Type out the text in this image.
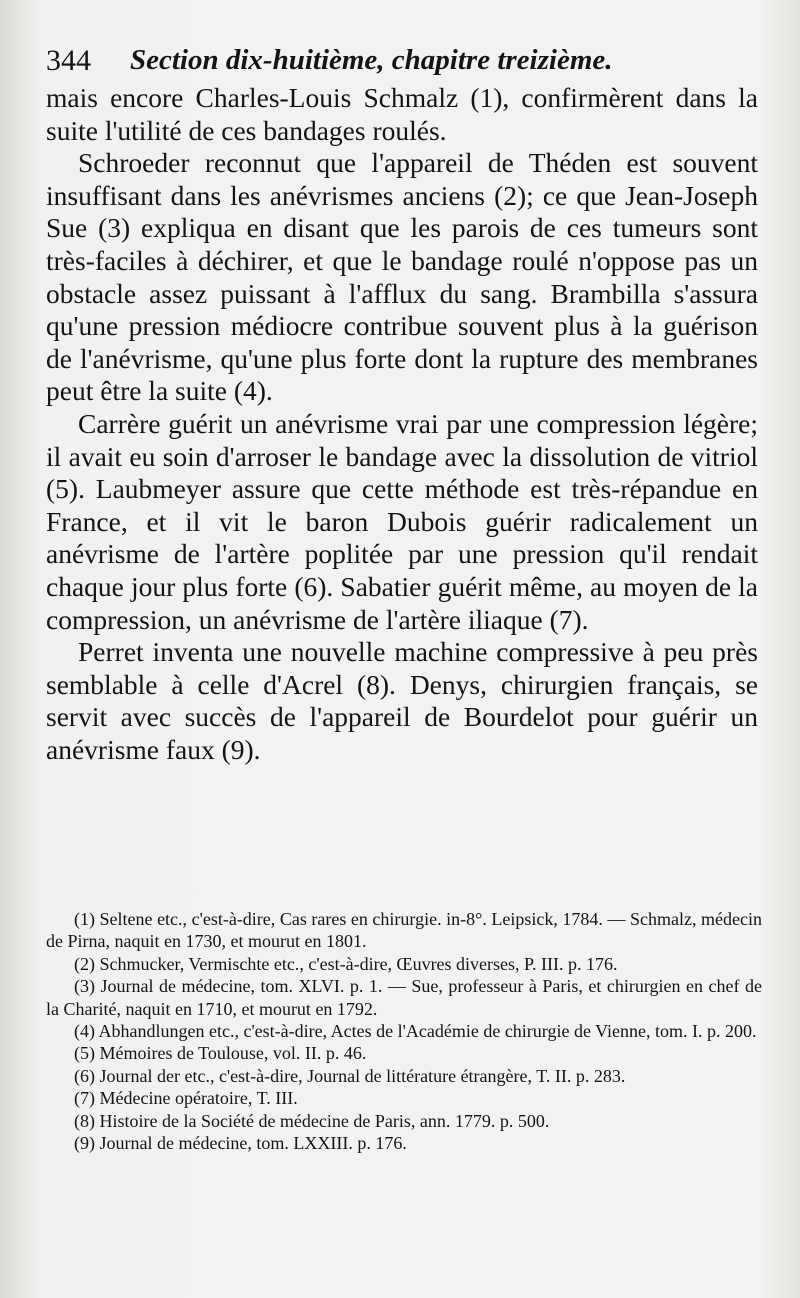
344 Section dix-huitième, chapitre treizième.

mais encore Charles-Louis Schmalz (1), confirmèrent dans la suite l'utilité de ces bandages roulés.

Schroeder reconnut que l'appareil de Théden est souvent insuffisant dans les anévrismes anciens (2); ce que Jean-Joseph Sue (3) expliqua en disant que les parois de ces tumeurs sont très-faciles à déchirer, et que le bandage roulé n'oppose pas un obstacle assez puissant à l'afflux du sang. Brambilla s'assura qu'une pression médiocre contribue souvent plus à la guérison de l'anévrisme, qu'une plus forte dont la rupture des membranes peut être la suite (4).

Carrère guérit un anévrisme vrai par une compression légère; il avait eu soin d'arroser le bandage avec la dissolution de vitriol (5). Laubmeyer assure que cette méthode est très-répandue en France, et il vit le baron Dubois guérir radicalement un anévrisme de l'artère poplitée par une pression qu'il rendait chaque jour plus forte (6). Sabatier guérit même, au moyen de la compression, un anévrisme de l'artère iliaque (7).

Perret inventa une nouvelle machine compressive à peu près semblable à celle d'Acrel (8). Denys, chirurgien français, se servit avec succès de l'appareil de Bourdelot pour guérir un anévrisme faux (9).

(1) Seltene etc., c'est-à-dire, Cas rares en chirurgie. in-8°. Leipsick, 1784. — Schmalz, médecin de Pirna, naquit en 1730, et mourut en 1801.

(2) Schmucker, Vermischte etc., c'est-à-dire, Œuvres diverses, P. III. p. 176.

(3) Journal de médecine, tom. XLVI. p. 1. — Sue, professeur à Paris, et chirurgien en chef de la Charité, naquit en 1710, et mourut en 1792.

(4) Abhandlungen etc., c'est-à-dire, Actes de l'Académie de chirurgie de Vienne, tom. I. p. 200.

(5) Mémoires de Toulouse, vol. II. p. 46.

(6) Journal der etc., c'est-à-dire, Journal de littérature étrangère, T. II. p. 283.

(7) Médecine opératoire, T. III.

(8) Histoire de la Société de médecine de Paris, ann. 1779. p. 500.

(9) Journal de médecine, tom. LXXIII. p. 176.
